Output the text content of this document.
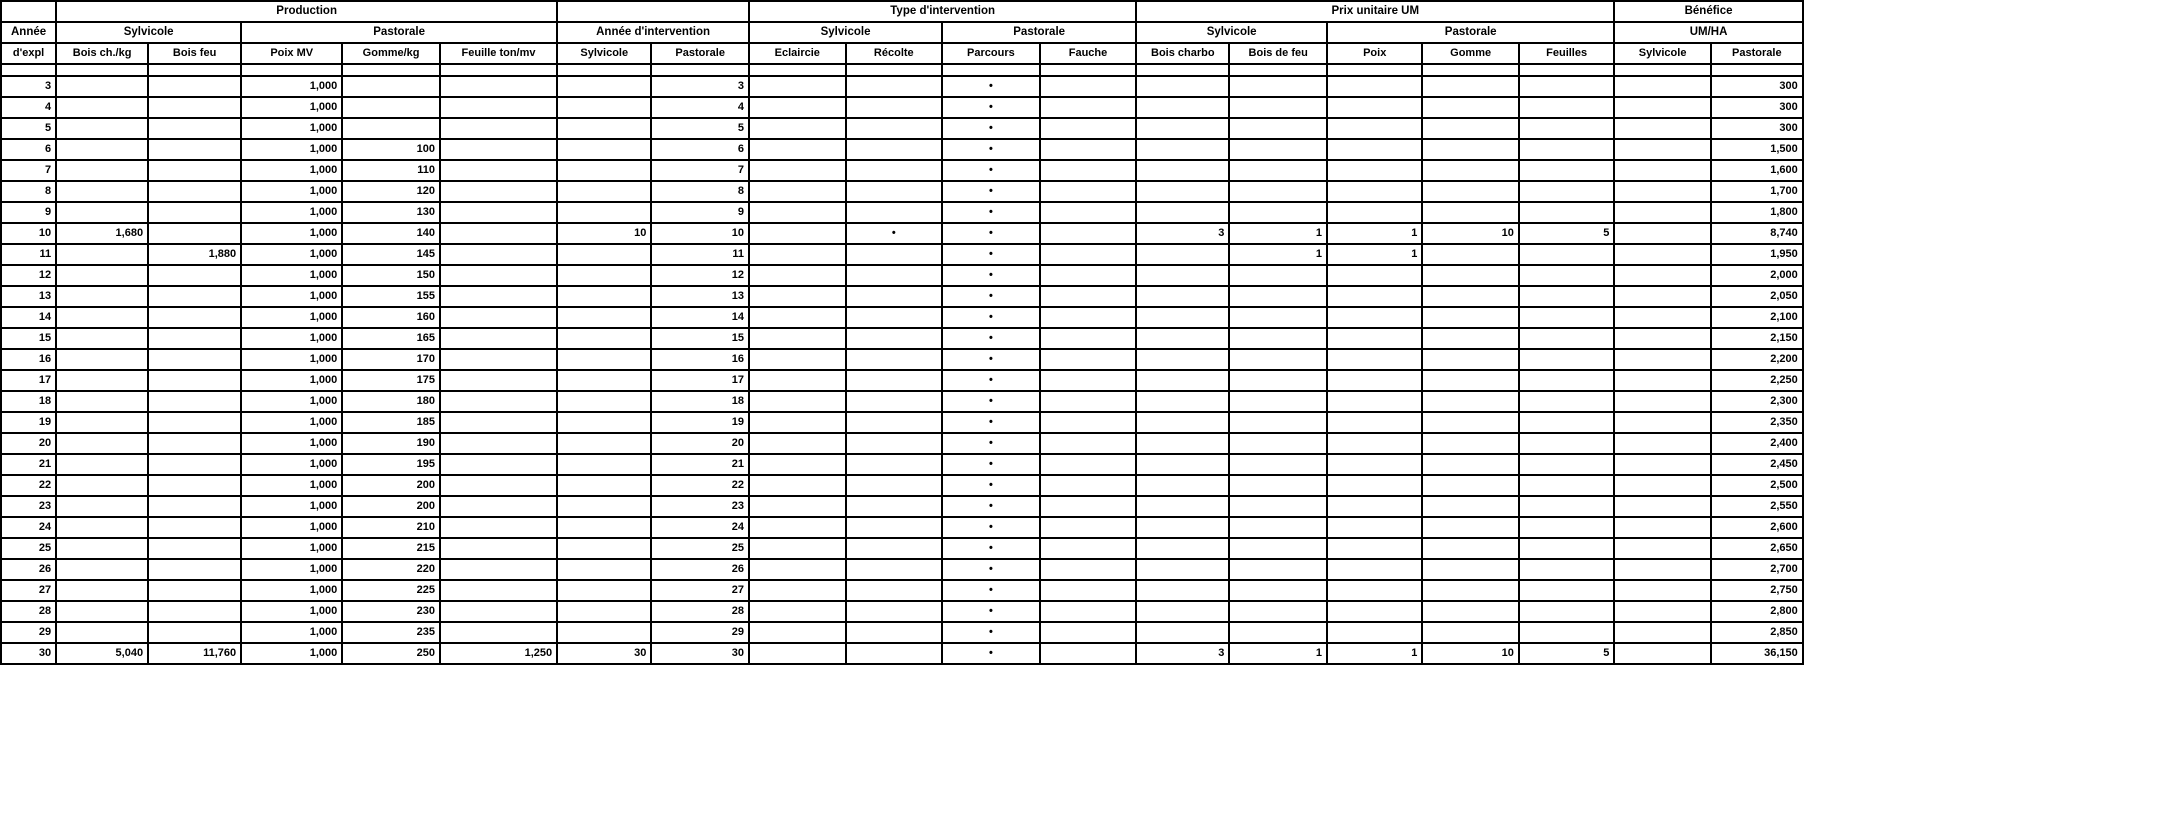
	Production							Type d'intervention				Prix unitaire UM					Bénéfice		
Année	Sylvicole		Pastorale			Année d'intervention		Sylvicole		Pastorale		Sylvicole		Pastorale			UM/HA		
d'expl	Bois ch./kg	Bois feu	Poix MV	Gomme/kg	Feuille ton/mv	Sylvicole	Pastorale	Eclaircie	Récolte	Parcours	Fauche	Bois charbo	Bois de feu	Poix	Gomme	Feuilles	Sylvicole	Pastorale	

3			1,000				3			•								300	
4			1,000				4			•								300	
5			1,000				5			•								300	
6			1,000	100			6			•								1,500	
7			1,000	110			7			•								1,600	
8			1,000	120			8			•								1,700	
9			1,000	130			9			•								1,800	
10	1,680		1,000	140		10	10		•	•		3	1	1	10	5		8,740	
11		1,880	1,000	145			11			•			1	1				1,950	
12			1,000	150			12			•								2,000	
13			1,000	155			13			•								2,050	
14			1,000	160			14			•								2,100	
15			1,000	165			15			•								2,150	
16			1,000	170			16			•								2,200	
17			1,000	175			17			•								2,250	
18			1,000	180			18			•								2,300	
19			1,000	185			19			•								2,350	
20			1,000	190			20			•								2,400	
21			1,000	195			21			•								2,450	
22			1,000	200			22			•								2,500	
23			1,000	200			23			•								2,550	
24			1,000	210			24			•								2,600	
25			1,000	215			25			•								2,650	
26			1,000	220			26			•								2,700	
27			1,000	225			27			•								2,750	
28			1,000	230			28			•								2,800	
29			1,000	235			29			•								2,850	
30	5,040	11,760	1,000	250	1,250	30	30			•		3	1	1	10	5		36,150	
